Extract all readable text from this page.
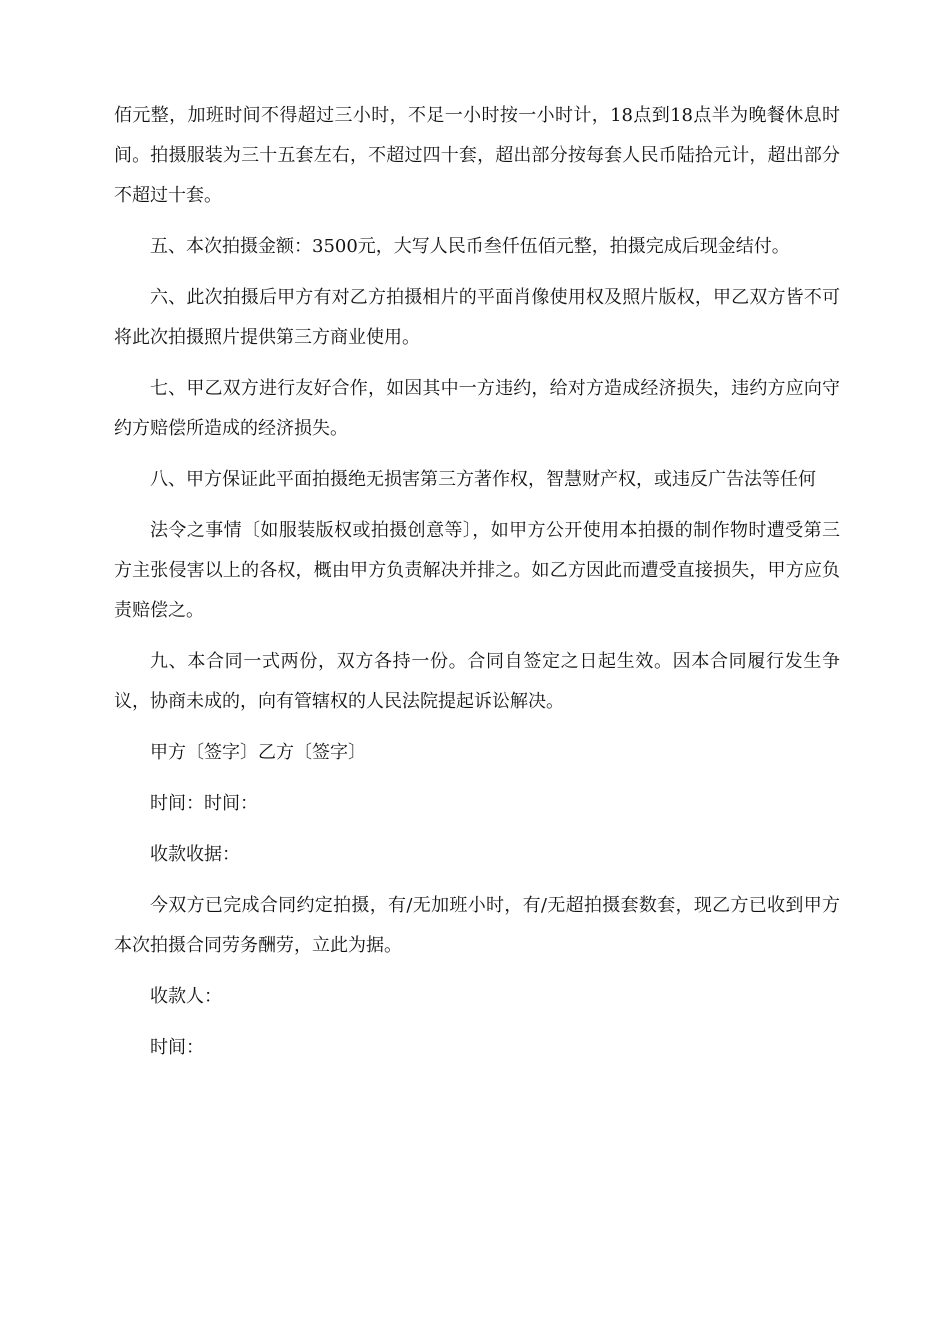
佰元整，加班时间不得超过三小时，不足一小时按一小时计，18点到18点半为晚餐休息时间。拍摄服装为三十五套左右，不超过四十套，超出部分按每套人民币陆拾元计，超出部分不超过十套。

五、本次拍摄金额：3500元，大写人民币叁仟伍佰元整，拍摄完成后现金结付。

六、此次拍摄后甲方有对乙方拍摄相片的平面肖像使用权及照片版权，甲乙双方皆不可将此次拍摄照片提供第三方商业使用。

七、甲乙双方进行友好合作，如因其中一方违约，给对方造成经济损失，违约方应向守约方赔偿所造成的经济损失。

八、甲方保证此平面拍摄绝无损害第三方著作权，智慧财产权，或违反广告法等任何

法令之事情〔如服装版权或拍摄创意等〕，如甲方公开使用本拍摄的制作物时遭受第三方主张侵害以上的各权，概由甲方负责解决并排之。如乙方因此而遭受直接损失，甲方应负责赔偿之。

九、本合同一式两份，双方各持一份。合同自签定之日起生效。因本合同履行发生争议，协商未成的，向有管辖权的人民法院提起诉讼解决。

甲方〔签字〕乙方〔签字〕

时间：时间：

收款收据：

今双方已完成合同约定拍摄，有/无加班小时，有/无超拍摄套数套，现乙方已收到甲方本次拍摄合同劳务酬劳，立此为据。

收款人：

时间：
